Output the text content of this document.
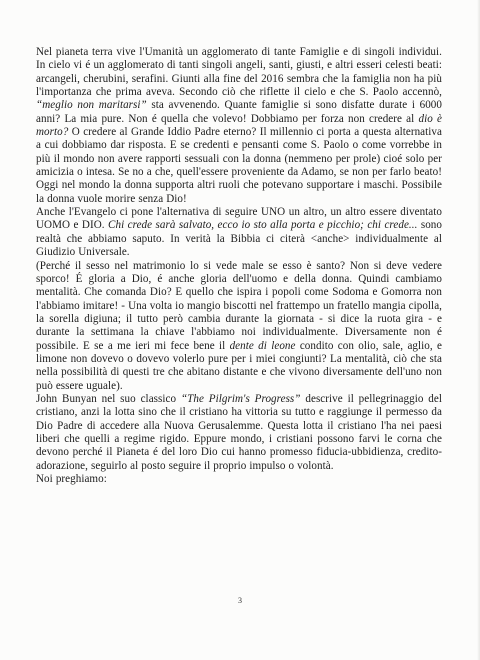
Nel pianeta terra vive l'Umanità un agglomerato di tante Famiglie e di singoli individui. In cielo vi é un agglomerato di tanti singoli angeli, santi, giusti, e altri esseri celesti beati: arcangeli, cherubini, serafini. Giunti alla fine del 2016 sembra che la famiglia non ha più l'importanza che prima aveva. Secondo ciò che riflette il cielo e che S. Paolo accennò, “meglio non maritarsi” sta avvenendo. Quante famiglie si sono disfatte durate i 6000 anni? La mia pure. Non é quella che volevo! Dobbiamo per forza non credere al dio è morto? O credere al Grande Iddio Padre eterno? Il millennio ci porta a questa alternativa a cui dobbiamo dar risposta. E se credenti e pensanti come S. Paolo o come vorrebbe in più il mondo non avere rapporti sessuali con la donna (nemmeno per prole) cioé solo per amicizia o intesa. Se no a che, quell'essere proveniente da Adamo, se non per farlo beato! Oggi nel mondo la donna supporta altri ruoli che potevano supportare i maschi. Possibile la donna vuole morire senza Dio!

Anche l'Evangelo ci pone l'alternativa di seguire UNO un altro, un altro essere diventato UOMO e DIO. Chi crede sarà salvato, ecco io sto alla porta e picchio; chi crede... sono realtà che abbiamo saputo. In verità la Bibbia ci citerà <anche> individualmente al Giudizio Universale.

(Perché il sesso nel matrimonio lo si vede male se esso è santo? Non si deve vedere sporco! É gloria a Dio, é anche gloria dell'uomo e della donna. Quindi cambiamo mentalità. Che comanda Dio? E quello che ispira i popoli come Sodoma e Gomorra non l'abbiamo imitare! - Una volta io mangio biscotti nel frattempo un fratello mangia cipolla, la sorella digiuna; il tutto però cambia durante la giornata - si dice la ruota gira - e durante la settimana la chiave l'abbiamo noi individualmente. Diversamente non é possibile. E se a me ieri mi fece bene il dente di leone condito con olio, sale, aglio, e limone non dovevo o dovevo volerlo pure per i miei congiunti? La mentalità, ciò che sta nella possibilità di questi tre che abitano distante e che vivono diversamente dell'uno non può essere uguale).

John Bunyan nel suo classico “The Pilgrim's Progress” descrive il pellegrinaggio del cristiano, anzi la lotta sino che il cristiano ha vittoria su tutto e raggiunge il permesso da Dio Padre di accedere alla Nuova Gerusalemme. Questa lotta il cristiano l'ha nei paesi liberi che quelli a regime rigido. Eppure mondo, i cristiani possono farvi le corna che devono perché il Pianeta é del loro Dio cui hanno promesso fiducia-ubbidienza, credito-adorazione, seguirlo al posto seguire il proprio impulso o volontà.

Noi preghiamo:

3
